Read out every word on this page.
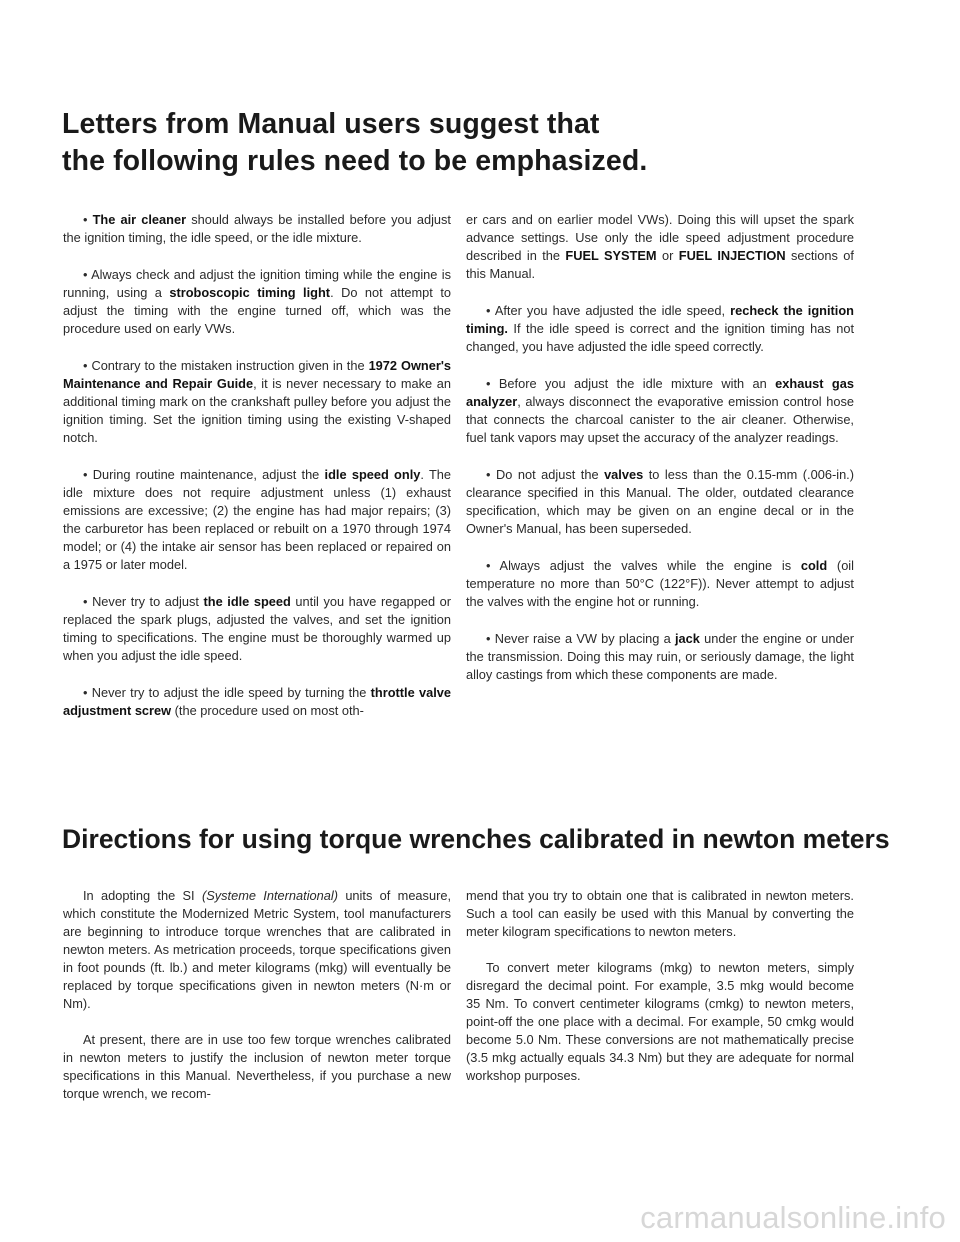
Letters from Manual users suggest that
the following rules need to be emphasized.

• The air cleaner should always be installed before you adjust the ignition timing, the idle speed, or the idle mixture.

• Always check and adjust the ignition timing while the engine is running, using a stroboscopic timing light. Do not attempt to adjust the timing with the engine turned off, which was the procedure used on early VWs.

• Contrary to the mistaken instruction given in the 1972 Owner's Maintenance and Repair Guide, it is never necessary to make an additional timing mark on the crankshaft pulley before you adjust the ignition timing. Set the ignition timing using the existing V-shaped notch.

• During routine maintenance, adjust the idle speed only. The idle mixture does not require adjustment unless (1) exhaust emissions are excessive; (2) the engine has had major repairs; (3) the carburetor has been replaced or rebuilt on a 1970 through 1974 model; or (4) the intake air sensor has been replaced or repaired on a 1975 or later model.

• Never try to adjust the idle speed until you have regapped or replaced the spark plugs, adjusted the valves, and set the ignition timing to specifications. The engine must be thoroughly warmed up when you adjust the idle speed.

• Never try to adjust the idle speed by turning the throttle valve adjustment screw (the procedure used on most oth-

er cars and on earlier model VWs). Doing this will upset the spark advance settings. Use only the idle speed adjustment procedure described in the FUEL SYSTEM or FUEL INJECTION sections of this Manual.

• After you have adjusted the idle speed, recheck the ignition timing. If the idle speed is correct and the ignition timing has not changed, you have adjusted the idle speed correctly.

• Before you adjust the idle mixture with an exhaust gas analyzer, always disconnect the evaporative emission control hose that connects the charcoal canister to the air cleaner. Otherwise, fuel tank vapors may upset the accuracy of the analyzer readings.

• Do not adjust the valves to less than the 0.15-mm (.006-in.) clearance specified in this Manual. The older, outdated clearance specification, which may be given on an engine decal or in the Owner's Manual, has been superseded.

• Always adjust the valves while the engine is cold (oil temperature no more than 50°C (122°F)). Never attempt to adjust the valves with the engine hot or running.

• Never raise a VW by placing a jack under the engine or under the transmission. Doing this may ruin, or seriously damage, the light alloy castings from which these components are made.

Directions for using torque wrenches calibrated in newton meters

In adopting the SI (Systeme International) units of measure, which constitute the Modernized Metric System, tool manufacturers are beginning to introduce torque wrenches that are calibrated in newton meters. As metrication proceeds, torque specifications given in foot pounds (ft. lb.) and meter kilograms (mkg) will eventually be replaced by torque specifications given in newton meters (N·m or Nm).

At present, there are in use too few torque wrenches calibrated in newton meters to justify the inclusion of newton meter torque specifications in this Manual. Nevertheless, if you purchase a new torque wrench, we recom-

mend that you try to obtain one that is calibrated in newton meters. Such a tool can easily be used with this Manual by converting the meter kilogram specifications to newton meters.

To convert meter kilograms (mkg) to newton meters, simply disregard the decimal point. For example, 3.5 mkg would become 35 Nm. To convert centimeter kilograms (cmkg) to newton meters, point-off the one place with a decimal. For example, 50 cmkg would become 5.0 Nm. These conversions are not mathematically precise (3.5 mkg actually equals 34.3 Nm) but they are adequate for normal workshop purposes.

carmanualsonline.info
